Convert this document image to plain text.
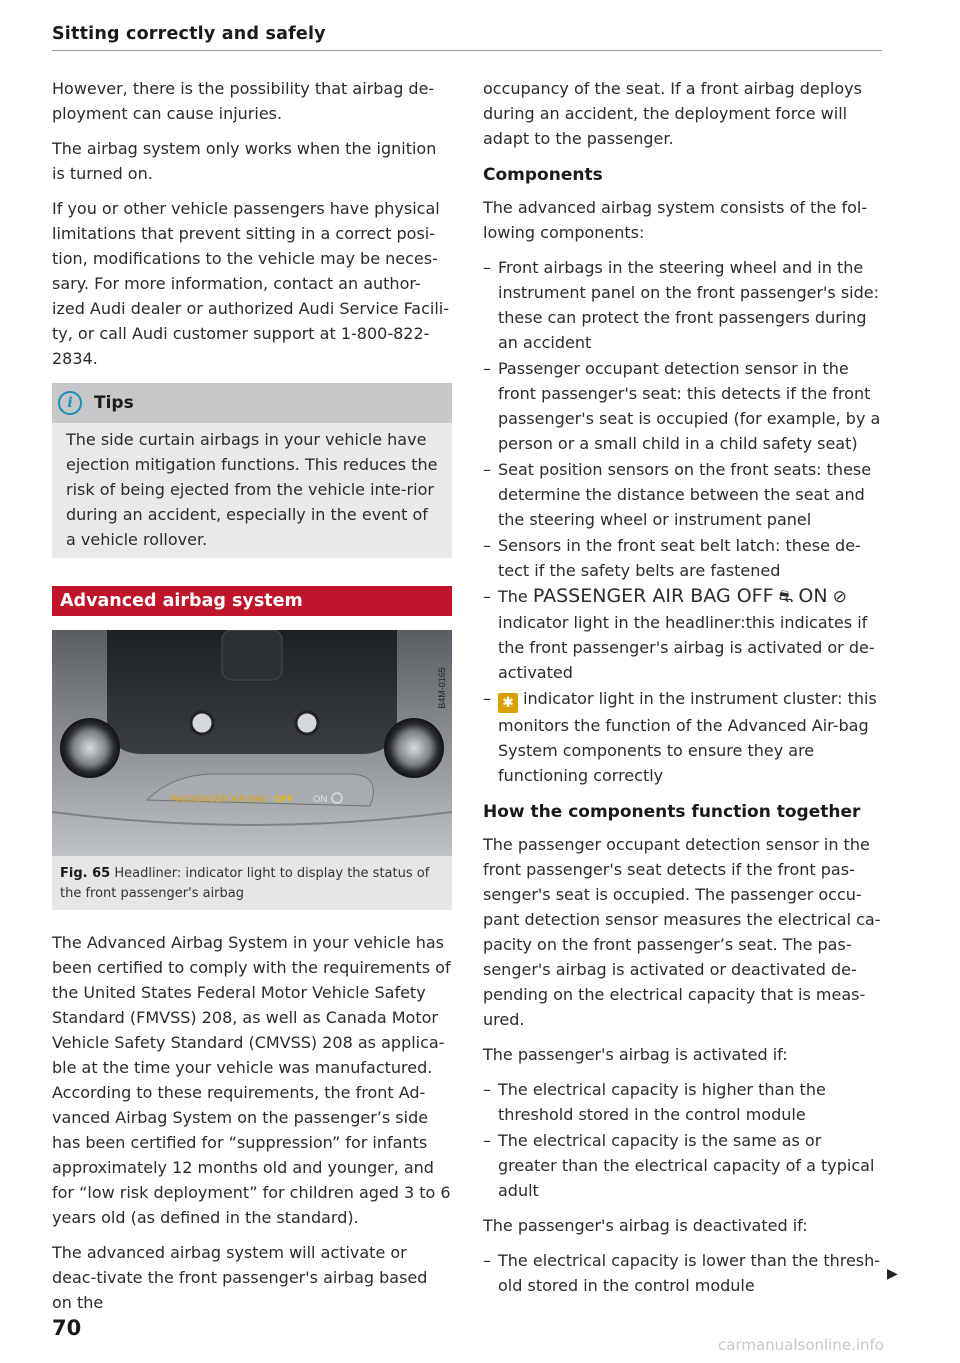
Sitting correctly and safely

However, there is the possibility that airbag de-ployment can cause injuries.

The airbag system only works when the ignition is turned on.

If you or other vehicle passengers have physical limitations that prevent sitting in a correct posi-tion, modifications to the vehicle may be neces-sary. For more information, contact an author-ized Audi dealer or authorized Audi Service Facili-ty, or call Audi customer support at 1-800-822-2834.

i	Tips

The side curtain airbags in your vehicle have ejection mitigation functions. This reduces the risk of being ejected from the vehicle inte-rior during an accident, especially in the event of a vehicle rollover.

Advanced airbag system
PASSENGER AIR BAG OFF ON
B4M-0165
Fig. 65 Headliner: indicator light to display the status of the front passenger's airbag

The Advanced Airbag System in your vehicle has been certified to comply with the requirements of the United States Federal Motor Vehicle Safety Standard (FMVSS) 208, as well as Canada Motor Vehicle Safety Standard (CMVSS) 208 as applica-ble at the time your vehicle was manufactured. According to these requirements, the front Ad-vanced Airbag System on the passenger’s side has been certified for “suppression” for infants approximately 12 months old and younger, and for “low risk deployment” for children aged 3 to 6 years old (as defined in the standard).

The advanced airbag system will activate or deac-tivate the front passenger's airbag based on the

occupancy of the seat. If a front airbag deploys during an accident, the deployment force will adapt to the passenger.

Components

The advanced airbag system consists of the fol-lowing components:

– Front airbags in the steering wheel and in the instrument panel on the front passenger's side: these can protect the front passengers during an accident
– Passenger occupant detection sensor in the front passenger's seat: this detects if the front passenger's seat is occupied (for example, by a person or a small child in a child safety seat)
– Seat position sensors on the front seats: these determine the distance between the seat and the steering wheel or instrument panel
– Sensors in the front seat belt latch: these de-tect if the safety belts are fastened
– The PASSENGER AIR BAG OFF ⛐ ON ⊘ indicator light in the headliner:this indicates if the front passenger's airbag is activated or de-activated
– ✱ indicator light in the instrument cluster: this monitors the function of the Advanced Air-bag System components to ensure they are functioning correctly
How the components function together

The passenger occupant detection sensor in the front passenger's seat detects if the front pas-senger's seat is occupied. The passenger occu-pant detection sensor measures the electrical ca-pacity on the front passenger’s seat. The pas-senger's airbag is activated or deactivated de-pending on the electrical capacity that is meas-ured.

The passenger's airbag is activated if:

– The electrical capacity is higher than the threshold stored in the control module
– The electrical capacity is the same as or greater than the electrical capacity of a typical adult

The passenger's airbag is deactivated if:

– The electrical capacity is lower than the thresh-old stored in the control module
▶
70
carmanualsonline.info
